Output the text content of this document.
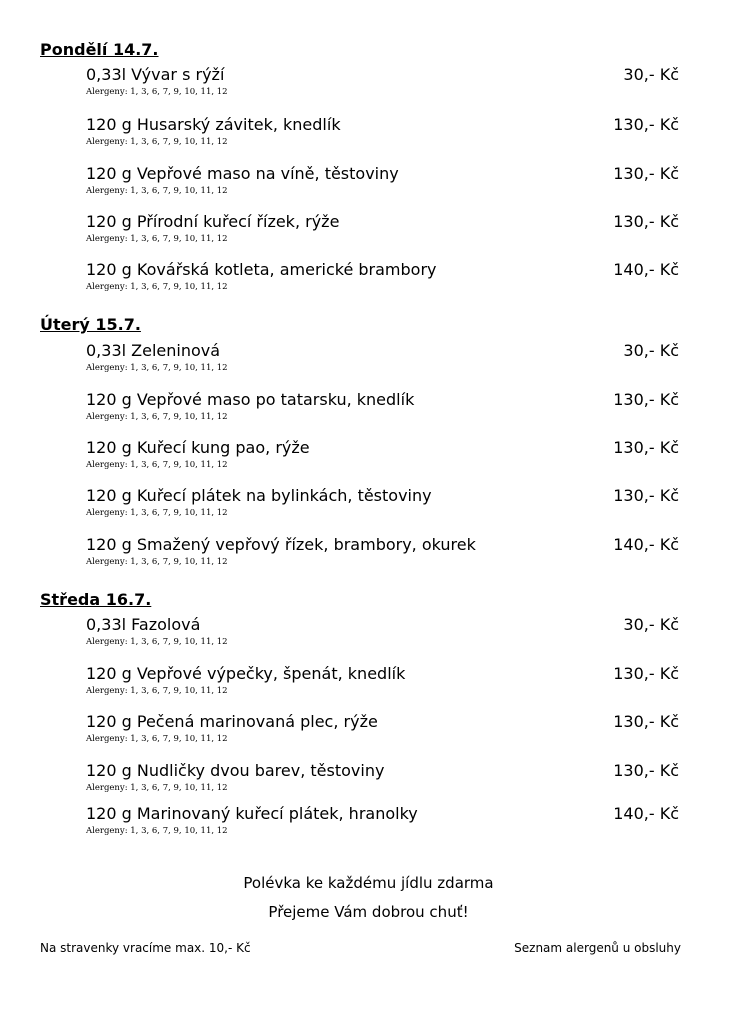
Pondělí 14.7.
0,33l Vývar s rýží	30,- Kč
Alergeny: 1, 3, 6, 7, 9, 10, 11, 12
120 g Husarský závitek, knedlík	130,- Kč
Alergeny: 1, 3, 6, 7, 9, 10, 11, 12
120 g Vepřové maso na víně, těstoviny	130,- Kč
Alergeny: 1, 3, 6, 7, 9, 10, 11, 12
120 g Přírodní kuřecí řízek, rýže	130,- Kč
Alergeny: 1, 3, 6, 7, 9, 10, 11, 12
120 g Kovářská kotleta, americké brambory	140,- Kč
Alergeny: 1, 3, 6, 7, 9, 10, 11, 12
Úterý 15.7.
0,33l Zeleninová	30,- Kč
Alergeny: 1, 3, 6, 7, 9, 10, 11, 12
120 g Vepřové maso po tatarsku, knedlík	130,- Kč
Alergeny: 1, 3, 6, 7, 9, 10, 11, 12
120 g Kuřecí kung pao, rýže	130,- Kč
Alergeny: 1, 3, 6, 7, 9, 10, 11, 12
120 g Kuřecí plátek na bylinkách, těstoviny	130,- Kč
Alergeny: 1, 3, 6, 7, 9, 10, 11, 12
120 g Smažený vepřový řízek, brambory, okurek	140,- Kč
Alergeny: 1, 3, 6, 7, 9, 10, 11, 12
Středa 16.7.
0,33l Fazolová	30,- Kč
Alergeny: 1, 3, 6, 7, 9, 10, 11, 12
120 g Vepřové výpečky, špenát, knedlík	130,- Kč
Alergeny: 1, 3, 6, 7, 9, 10, 11, 12
120 g Pečená marinovaná plec, rýže	130,- Kč
Alergeny: 1, 3, 6, 7, 9, 10, 11, 12
120 g Nudličky dvou barev, těstoviny	130,- Kč
Alergeny: 1, 3, 6, 7, 9, 10, 11, 12
120 g Marinovaný kuřecí plátek, hranolky	140,- Kč
Alergeny: 1, 3, 6, 7, 9, 10, 11, 12
Polévka ke každému jídlu zdarma
Přejeme Vám dobrou chuť!
Na stravenky vracíme max. 10,- Kč	Seznam alergenů u obsluhy
